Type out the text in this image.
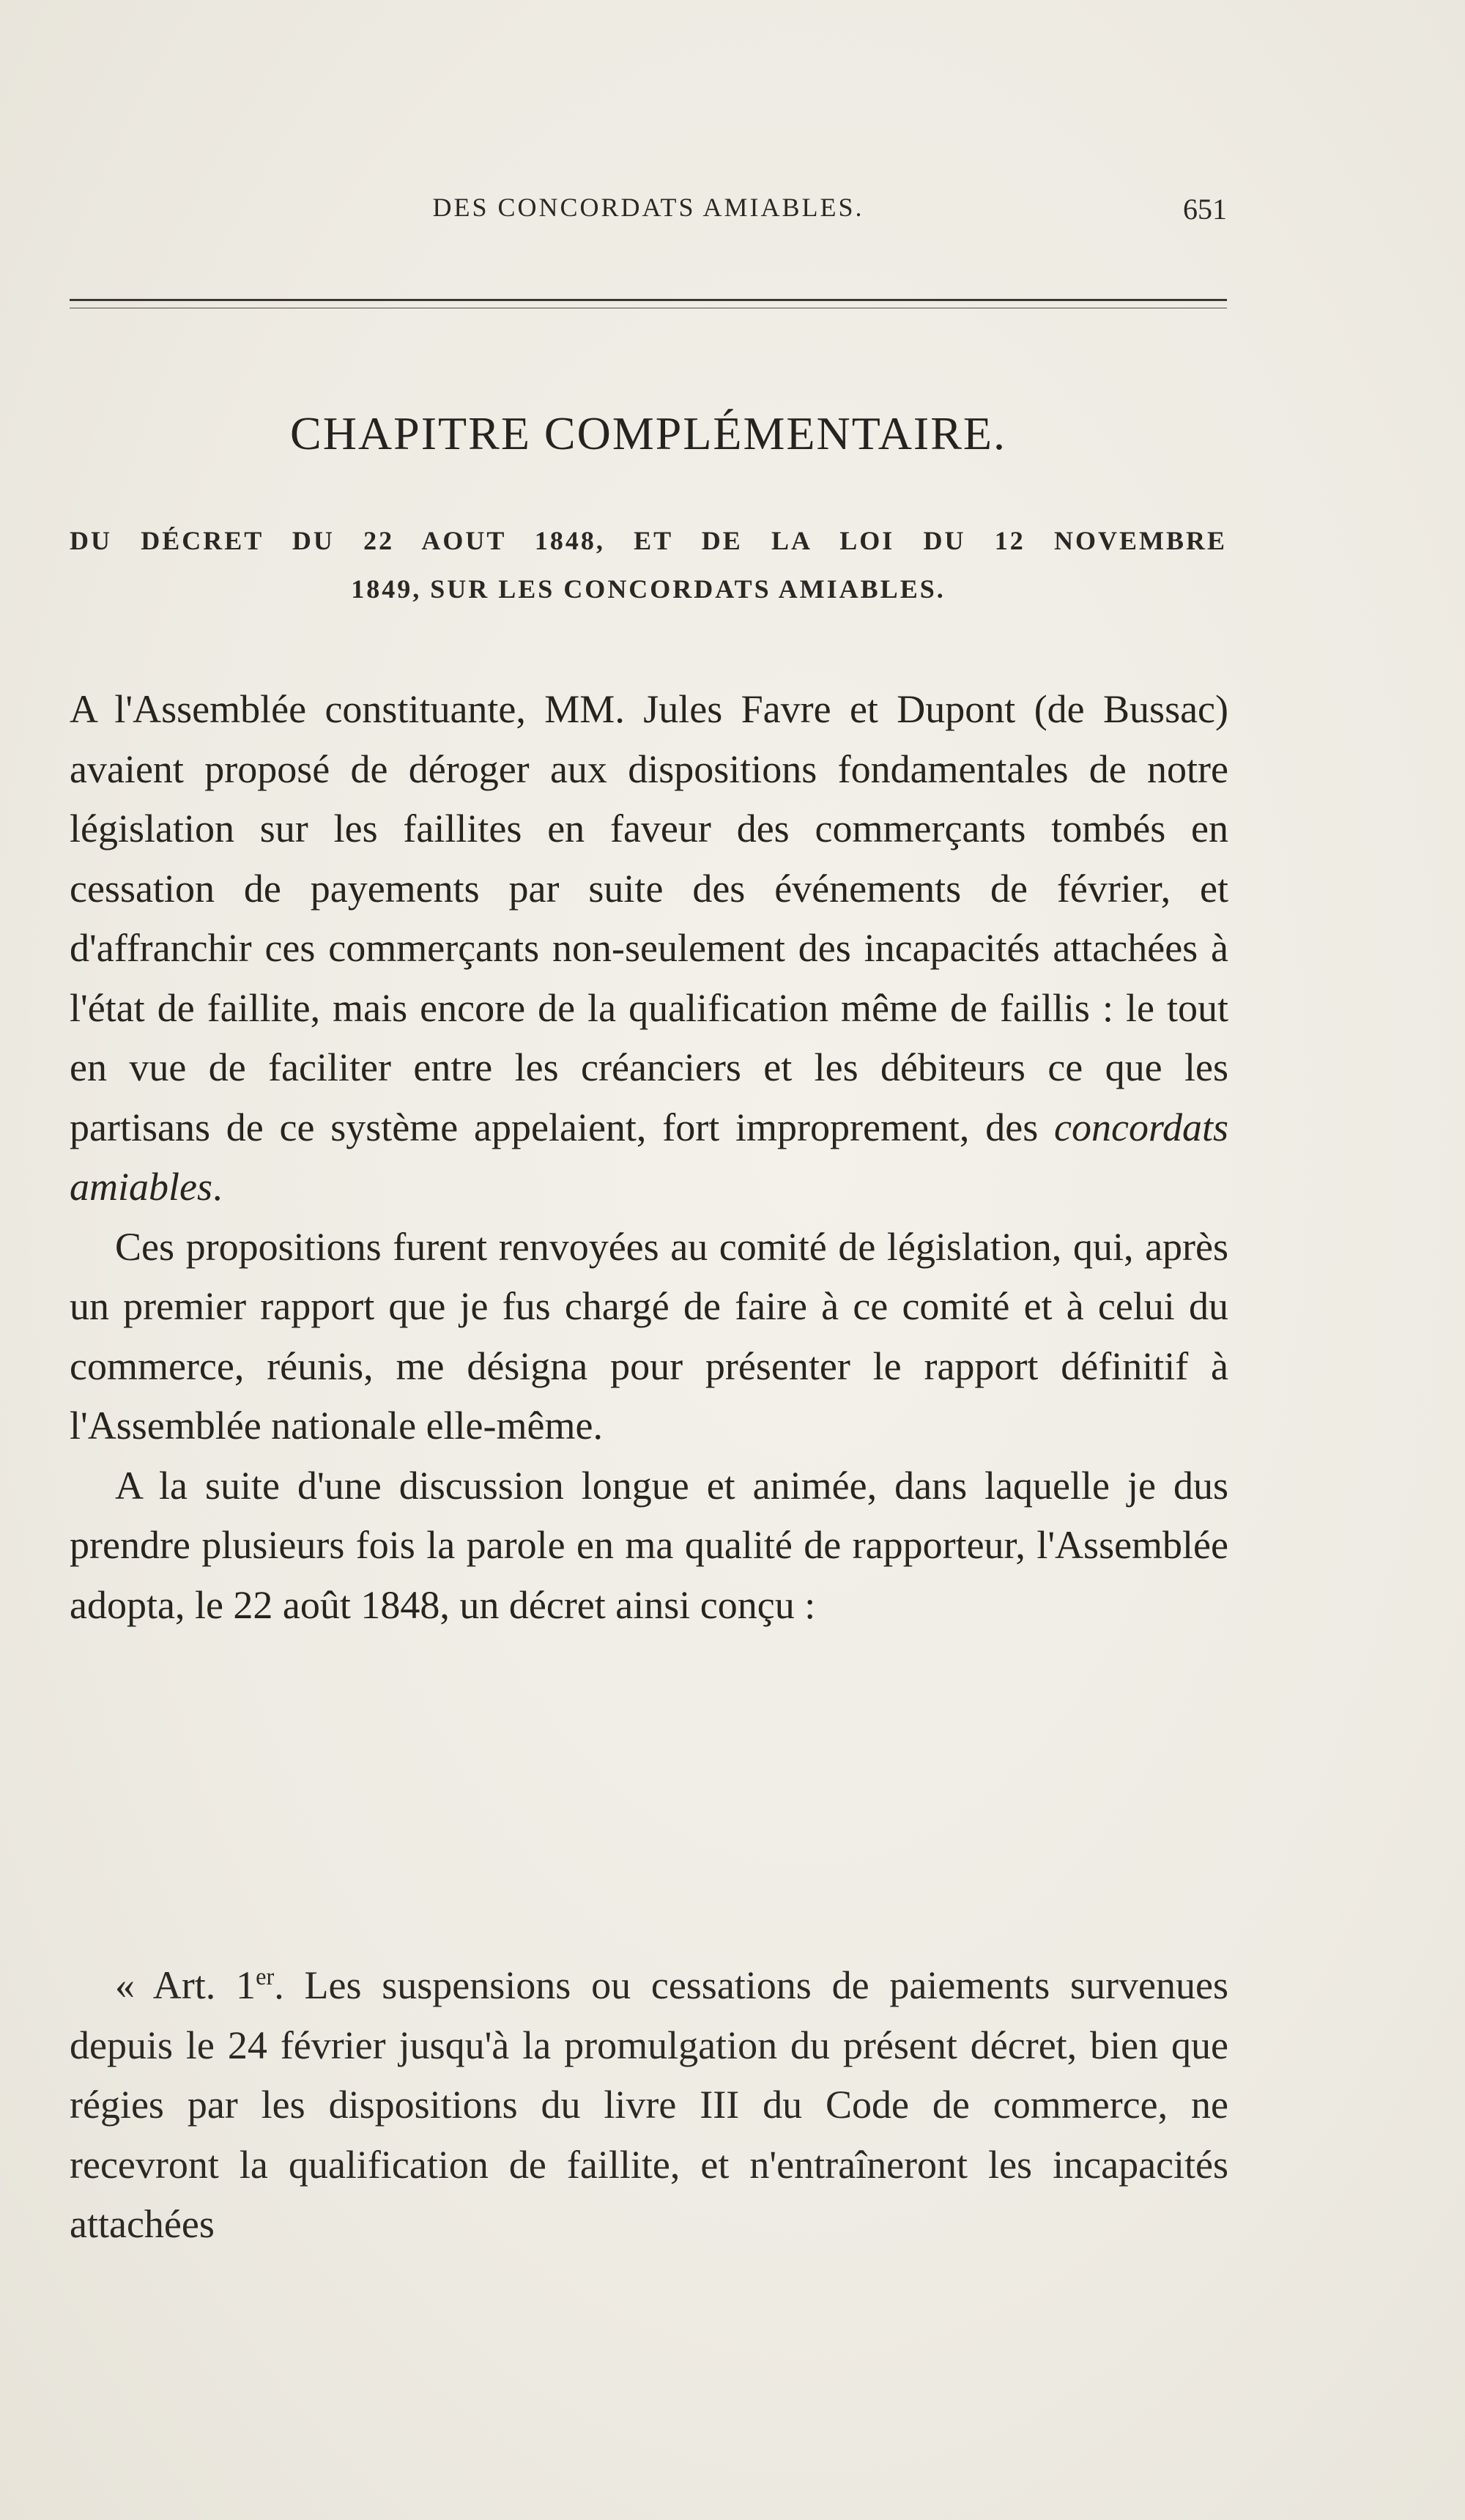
DES CONCORDATS AMIABLES.	651
CHAPITRE COMPLÉMENTAIRE.
DU DÉCRET DU 22 AOUT 1848, ET DE LA LOI DU 12 NOVEMBRE
1849, SUR LES CONCORDATS AMIABLES.

A l'Assemblée constituante, MM. Jules Favre et Dupont (de Bussac) avaient proposé de déroger aux dispositions fondamentales de notre législation sur les faillites en faveur des commerçants tombés en cessation de payements par suite des événements de février, et d'affranchir ces commerçants non-seulement des incapacités attachées à l'état de faillite, mais encore de la qualification même de faillis : le tout en vue de faciliter entre les créanciers et les débiteurs ce que les partisans de ce système appelaient, fort improprement, des concordats amiables.

Ces propositions furent renvoyées au comité de législation, qui, après un premier rapport que je fus chargé de faire à ce comité et à celui du commerce, réunis, me désigna pour présenter le rapport définitif à l'Assemblée nationale elle-même.

A la suite d'une discussion longue et animée, dans laquelle je dus prendre plusieurs fois la parole en ma qualité de rapporteur, l'Assemblée adopta, le 22 août 1848, un décret ainsi conçu :

« Art. 1er. Les suspensions ou cessations de paiements survenues depuis le 24 février jusqu'à la promulgation du présent décret, bien que régies par les dispositions du livre III du Code de commerce, ne recevront la qualification de faillite, et n'entraîneront les incapacités attachées
